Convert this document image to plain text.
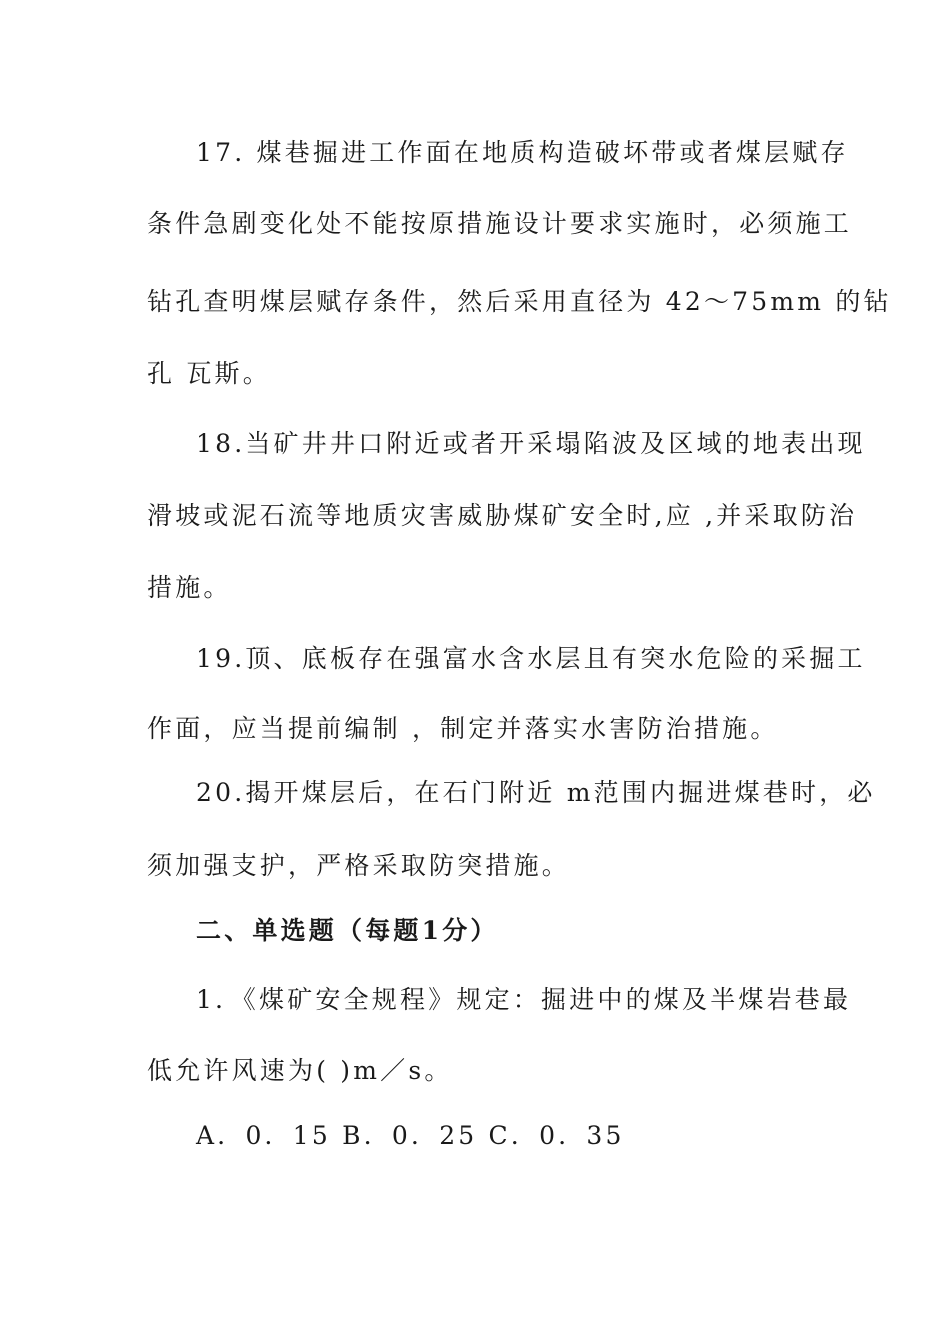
17. 煤巷掘进工作面在地质构造破坏带或者煤层赋存
条件急剧变化处不能按原措施设计要求实施时，必须施工
钻孔查明煤层赋存条件，然后采用直径为 42～75mm 的钻
孔 瓦斯。
18.当矿井井口附近或者开采塌陷波及区域的地表出现
滑坡或泥石流等地质灾害威胁煤矿安全时,应 ,并采取防治
措施。
19.顶、底板存在强富水含水层且有突水危险的采掘工
作面，应当提前编制 ，制定并落实水害防治措施。
20.揭开煤层后，在石门附近 m范围内掘进煤巷时，必
须加强支护，严格采取防突措施。
二、单选题（每题1分）
1．《煤矿安全规程》规定：掘进中的煤及半煤岩巷最
低允许风速为( )m／s。
A．0．15 B．0．25 C．0．35
